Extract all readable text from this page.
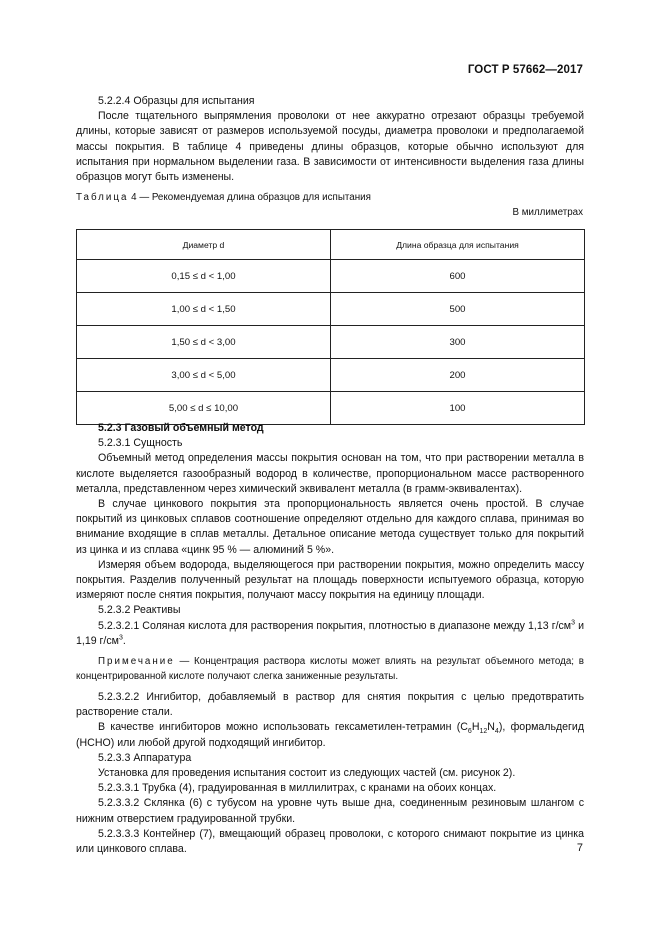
ГОСТ Р 57662—2017

5.2.2.4 Образцы для испытания

После тщательного выпрямления проволоки от нее аккуратно отрезают образцы требуемой длины, которые зависят от размеров используемой посуды, диаметра проволоки и предполагаемой массы покрытия. В таблице 4 приведены длины образцов, которые обычно используют для испытания при нормальном выделении газа. В зависимости от интенсивности выделения газа длины образцов могут быть изменены.

Таблица 4 — Рекомендуемая длина образцов для испытания
В миллиметрах
Диаметр d	Длина образца для испытания
0,15 ≤ d < 1,00	600
1,00 ≤ d < 1,50	500
1,50 ≤ d < 3,00	300
3,00 ≤ d < 5,00	200
5,00 ≤ d ≤ 10,00	100

5.2.3 Газовый объемный метод

5.2.3.1 Сущность

Объемный метод определения массы покрытия основан на том, что при растворении металла в кислоте выделяется газообразный водород в количестве, пропорциональном массе растворенного металла, представленном через химический эквивалент металла (в грамм-эквивалентах).

В случае цинкового покрытия эта пропорциональность является очень простой. В случае покрытий из цинковых сплавов соотношение определяют отдельно для каждого сплава, принимая во внимание входящие в сплав металлы. Детальное описание метода существует только для покрытий из цинка и из сплава «цинк 95 % — алюминий 5 %».

Измеряя объем водорода, выделяющегося при растворении покрытия, можно определить массу покрытия. Разделив полученный результат на площадь поверхности испытуемого образца, которую измеряют после снятия покрытия, получают массу покрытия на единицу площади.

5.2.3.2 Реактивы

5.2.3.2.1 Соляная кислота для растворения покрытия, плотностью в диапазоне между 1,13 $г/см^3$ и 1,19 $г/см^3$.

Примечание — Концентрация раствора кислоты может влиять на результат объемного метода; в концентрированной кислоте получают слегка заниженные результаты.

5.2.3.2.2 Ингибитор, добавляемый в раствор для снятия покрытия с целью предотвратить растворение стали.

В качестве ингибиторов можно использовать гексаметилен-тетрамин $(C_6H_{12}N_4)$, формальдегид (НСНО) или любой другой подходящий ингибитор.

5.2.3.3 Аппаратура

Установка для проведения испытания состоит из следующих частей (см. рисунок 2).

5.2.3.3.1 Трубка (4), градуированная в миллилитрах, с кранами на обоих концах.

5.2.3.3.2 Склянка (6) с тубусом на уровне чуть выше дна, соединенным резиновым шлангом с нижним отверстием градуированной трубки.

5.2.3.3.3 Контейнер (7), вмещающий образец проволоки, с которого снимают покрытие из цинка или цинкового сплава.	7
